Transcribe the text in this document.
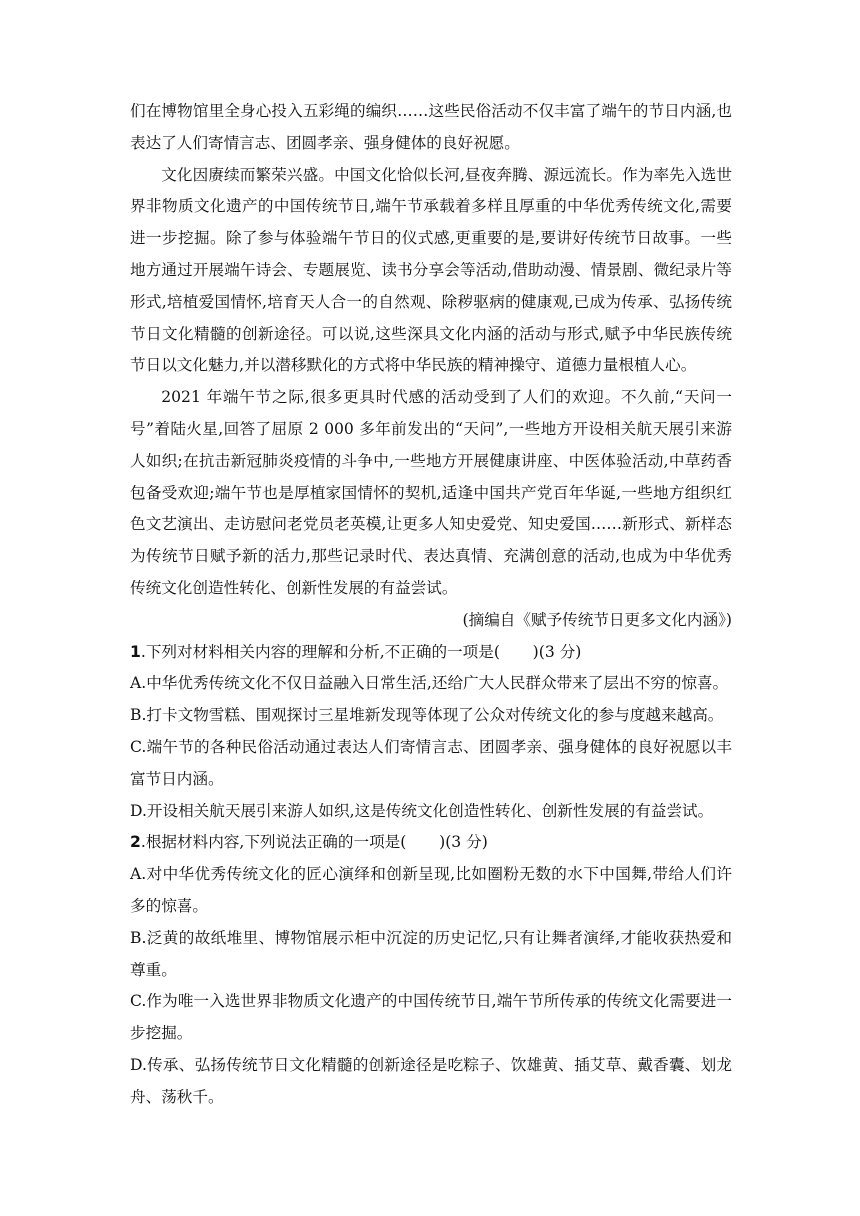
们在博物馆里全身心投入五彩绳的编织……这些民俗活动不仅丰富了端午的节日内涵,也表达了人们寄情言志、团圆孝亲、强身健体的良好祝愿。

文化因赓续而繁荣兴盛。中国文化恰似长河,昼夜奔腾、源远流长。作为率先入选世界非物质文化遗产的中国传统节日,端午节承载着多样且厚重的中华优秀传统文化,需要进一步挖掘。除了参与体验端午节日的仪式感,更重要的是,要讲好传统节日故事。一些地方通过开展端午诗会、专题展览、读书分享会等活动,借助动漫、情景剧、微纪录片等形式,培植爱国情怀,培育天人合一的自然观、除秽驱病的健康观,已成为传承、弘扬传统节日文化精髓的创新途径。可以说,这些深具文化内涵的活动与形式,赋予中华民族传统节日以文化魅力,并以潜移默化的方式将中华民族的精神操守、道德力量根植人心。

2021 年端午节之际,很多更具时代感的活动受到了人们的欢迎。不久前,“天问一号”着陆火星,回答了屈原 2 000 多年前发出的“天问”,一些地方开设相关航天展引来游人如织;在抗击新冠肺炎疫情的斗争中,一些地方开展健康讲座、中医体验活动,中草药香包备受欢迎;端午节也是厚植家国情怀的契机,适逢中国共产党百年华诞,一些地方组织红色文艺演出、走访慰问老党员老英模,让更多人知史爱党、知史爱国……新形式、新样态为传统节日赋予新的活力,那些记录时代、表达真情、充满创意的活动,也成为中华优秀传统文化创造性转化、创新性发展的有益尝试。

(摘编自《赋予传统节日更多文化内涵》)

1.下列对材料相关内容的理解和分析,不正确的一项是( )(3 分)

A.中华优秀传统文化不仅日益融入日常生活,还给广大人民群众带来了层出不穷的惊喜。

B.打卡文物雪糕、围观探讨三星堆新发现等体现了公众对传统文化的参与度越来越高。

C.端午节的各种民俗活动通过表达人们寄情言志、团圆孝亲、强身健体的良好祝愿以丰富节日内涵。

D.开设相关航天展引来游人如织,这是传统文化创造性转化、创新性发展的有益尝试。

2.根据材料内容,下列说法正确的一项是( )(3 分)

A.对中华优秀传统文化的匠心演绎和创新呈现,比如圈粉无数的水下中国舞,带给人们许多的惊喜。

B.泛黄的故纸堆里、博物馆展示柜中沉淀的历史记忆,只有让舞者演绎,才能收获热爱和尊重。

C.作为唯一入选世界非物质文化遗产的中国传统节日,端午节所传承的传统文化需要进一步挖掘。

D.传承、弘扬传统节日文化精髓的创新途径是吃粽子、饮雄黄、插艾草、戴香囊、划龙舟、荡秋千。
